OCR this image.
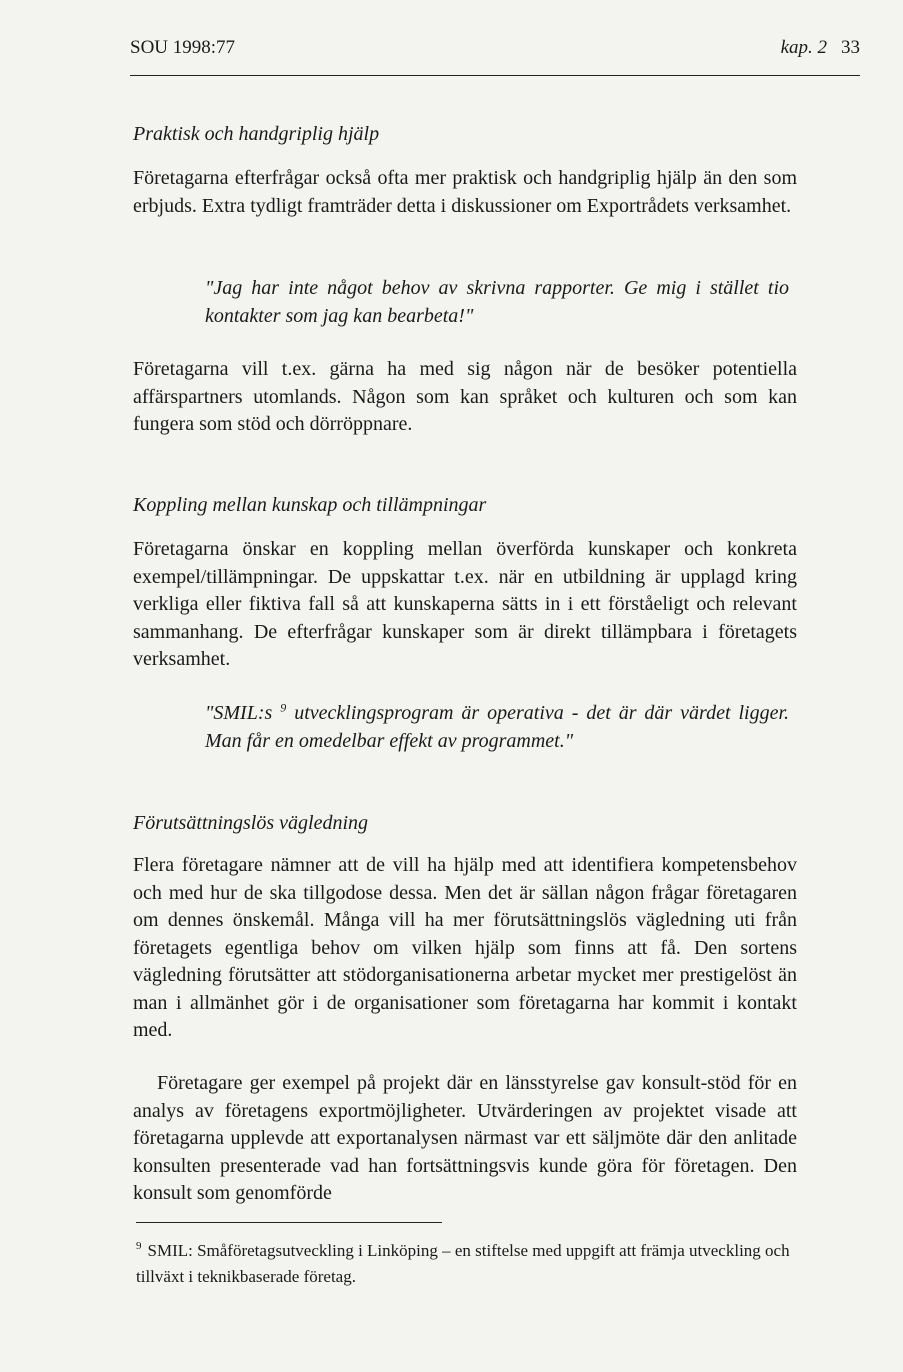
SOU 1998:77	kap. 2 33
Praktisk och handgriplig hjälp
Företagarna efterfrågar också ofta mer praktisk och handgriplig hjälp än den som erbjuds. Extra tydligt framträder detta i diskussioner om Exportrådets verksamhet.
"Jag har inte något behov av skrivna rapporter. Ge mig i stället tio kontakter som jag kan bearbeta!"
Företagarna vill t.ex. gärna ha med sig någon när de besöker potentiella affärspartners utomlands. Någon som kan språket och kulturen och som kan fungera som stöd och dörröppnare.
Koppling mellan kunskap och tillämpningar
Företagarna önskar en koppling mellan överförda kunskaper och konkreta exempel/tillämpningar. De uppskattar t.ex. när en utbildning är upplagd kring verkliga eller fiktiva fall så att kunskaperna sätts in i ett förståeligt och relevant sammanhang. De efterfrågar kunskaper som är direkt tillämpbara i företagets verksamhet.
"SMIL:s $^9$ utvecklingsprogram är operativa - det är där värdet ligger. Man får en omedelbar effekt av programmet."
Förutsättningslös vägledning
Flera företagare nämner att de vill ha hjälp med att identifiera kompetensbehov och med hur de ska tillgodose dessa. Men det är sällan någon frågar företagaren om dennes önskemål. Många vill ha mer förutsättningslös vägledning uti från företagets egentliga behov om vilken hjälp som finns att få. Den sortens vägledning förutsätter att stödorganisationerna arbetar mycket mer prestigelöst än man i allmänhet gör i de organisationer som företagarna har kommit i kontakt med.
Företagare ger exempel på projekt där en länsstyrelse gav konsult-stöd för en analys av företagens exportmöjligheter. Utvärderingen av projektet visade att företagarna upplevde att exportanalysen närmast var ett säljmöte där den anlitade konsulten presenterade vad han fortsättningsvis kunde göra för företagen. Den konsult som genomförde
$^9$ SMIL: Småföretagsutveckling i Linköping – en stiftelse med uppgift att främja utveckling och tillväxt i teknikbaserade företag.
